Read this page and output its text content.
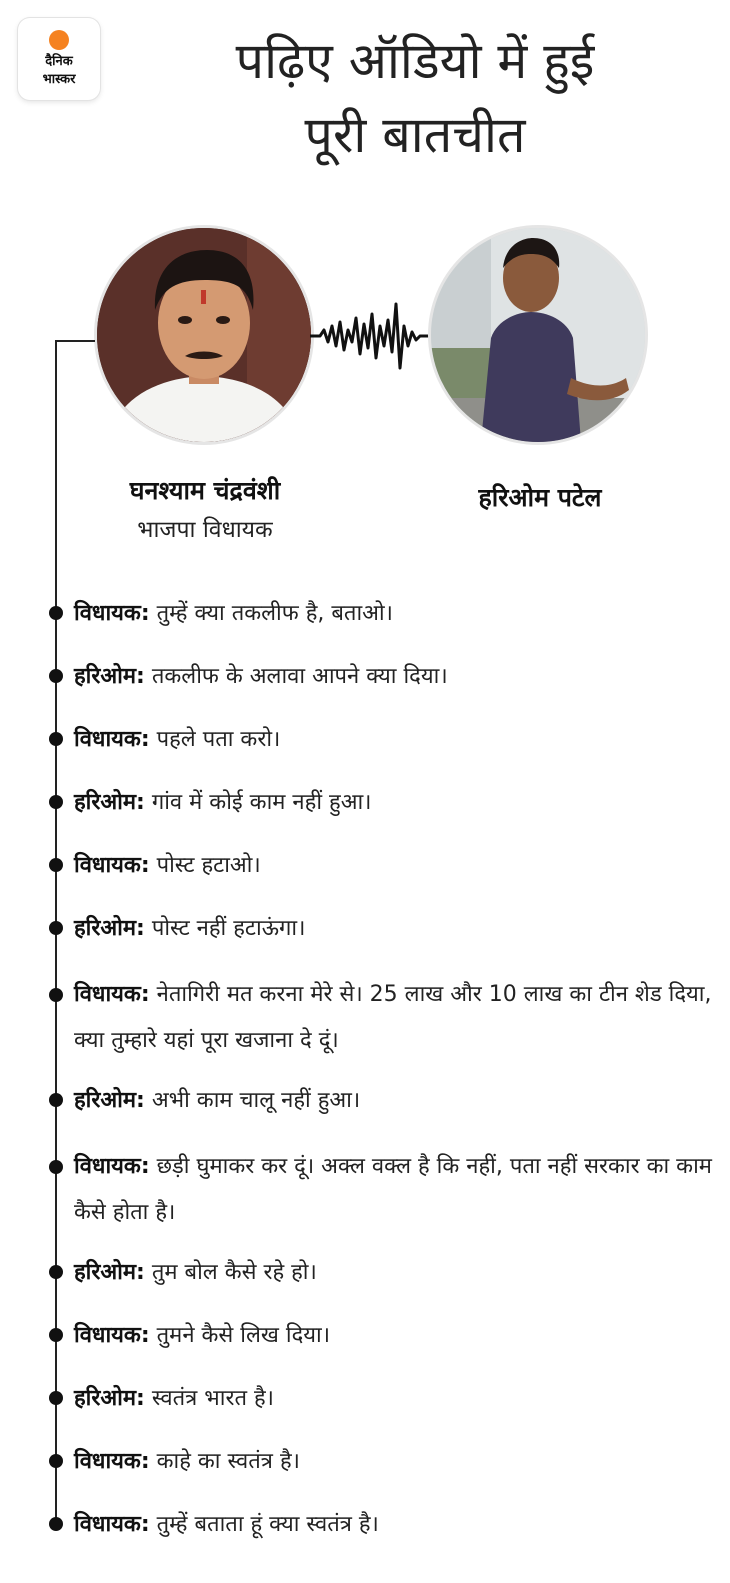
दैनिक
भास्कर	पढ़िए ऑडियो में हुई
पूरी बातचीत
घनश्याम चंद्रवंशी
भाजपा विधायक
हरिओम पटेल
विधायक: तुम्हें क्या तकलीफ है, बताओ।
हरिओम: तकलीफ के अलावा आपने क्या दिया।
विधायक: पहले पता करो।
हरिओम: गांव में कोई काम नहीं हुआ।
विधायक: पोस्ट हटाओ।
हरिओम: पोस्ट नहीं हटाऊंगा।
विधायक: नेतागिरी मत करना मेरे से। 25 लाख और 10 लाख का टीन शेड दिया, क्या तुम्हारे यहां पूरा खजाना दे दूं।
हरिओम: अभी काम चालू नहीं हुआ।
विधायक: छड़ी घुमाकर कर दूं। अक्ल वक्ल है कि नहीं, पता नहीं सरकार का काम कैसे होता है।
हरिओम: तुम बोल कैसे रहे हो।
विधायक: तुमने कैसे लिख दिया।
हरिओम: स्वतंत्र भारत है।
विधायक: काहे का स्वतंत्र है।
विधायक: तुम्हें बताता हूं क्या स्वतंत्र है।
